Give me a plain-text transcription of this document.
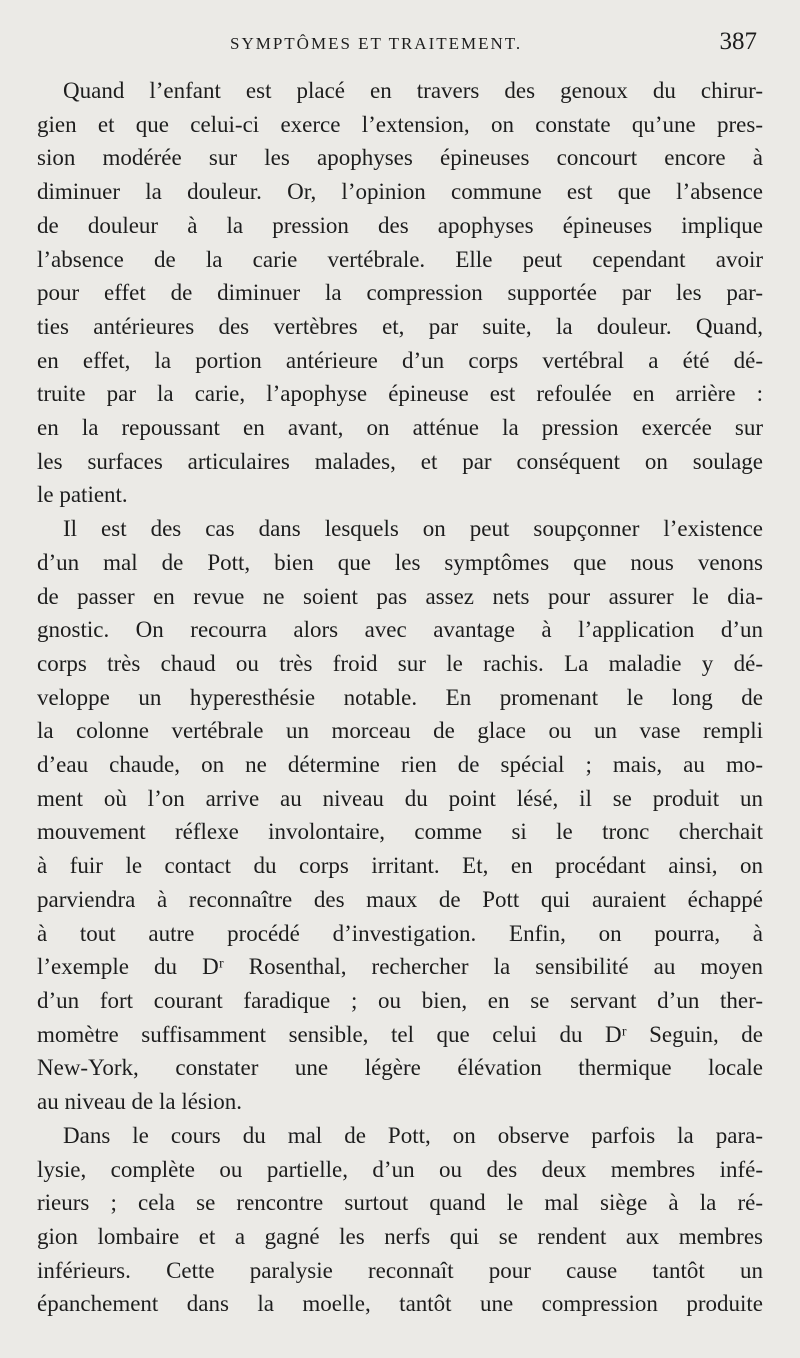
SYMPTÔMES ET TRAITEMENT.	387

Quand l’enfant est placé en travers des genoux du chirur-
gien et que celui-ci exerce l’extension, on constate qu’une pres-
sion modérée sur les apophyses épineuses concourt encore à
diminuer la douleur. Or, l’opinion commune est que l’absence
de douleur à la pression des apophyses épineuses implique
l’absence de la carie vertébrale. Elle peut cependant avoir
pour effet de diminuer la compression supportée par les par-
ties antérieures des vertèbres et, par suite, la douleur. Quand,
en effet, la portion antérieure d’un corps vertébral a été dé-
truite par la carie, l’apophyse épineuse est refoulée en arrière :
en la repoussant en avant, on atténue la pression exercée sur
les surfaces articulaires malades, et par conséquent on soulage
le patient.

Il est des cas dans lesquels on peut soupçonner l’existence
d’un mal de Pott, bien que les symptômes que nous venons
de passer en revue ne soient pas assez nets pour assurer le dia-
gnostic. On recourra alors avec avantage à l’application d’un
corps très chaud ou très froid sur le rachis. La maladie y dé-
veloppe un hyperesthésie notable. En promenant le long de
la colonne vertébrale un morceau de glace ou un vase rempli
d’eau chaude, on ne détermine rien de spécial ; mais, au mo-
ment où l’on arrive au niveau du point lésé, il se produit un
mouvement réflexe involontaire, comme si le tronc cherchait
à fuir le contact du corps irritant. Et, en procédant ainsi, on
parviendra à reconnaître des maux de Pott qui auraient échappé
à tout autre procédé d’investigation. Enfin, on pourra, à
l’exemple du Dʳ Rosenthal, rechercher la sensibilité au moyen
d’un fort courant faradique ; ou bien, en se servant d’un ther-
momètre suffisamment sensible, tel que celui du Dʳ Seguin, de
New-York, constater une légère élévation thermique locale
au niveau de la lésion.

Dans le cours du mal de Pott, on observe parfois la para-
lysie, complète ou partielle, d’un ou des deux membres infé-
rieurs ; cela se rencontre surtout quand le mal siège à la ré-
gion lombaire et a gagné les nerfs qui se rendent aux membres
inférieurs. Cette paralysie reconnaît pour cause tantôt un
épanchement dans la moelle, tantôt une compression produite
